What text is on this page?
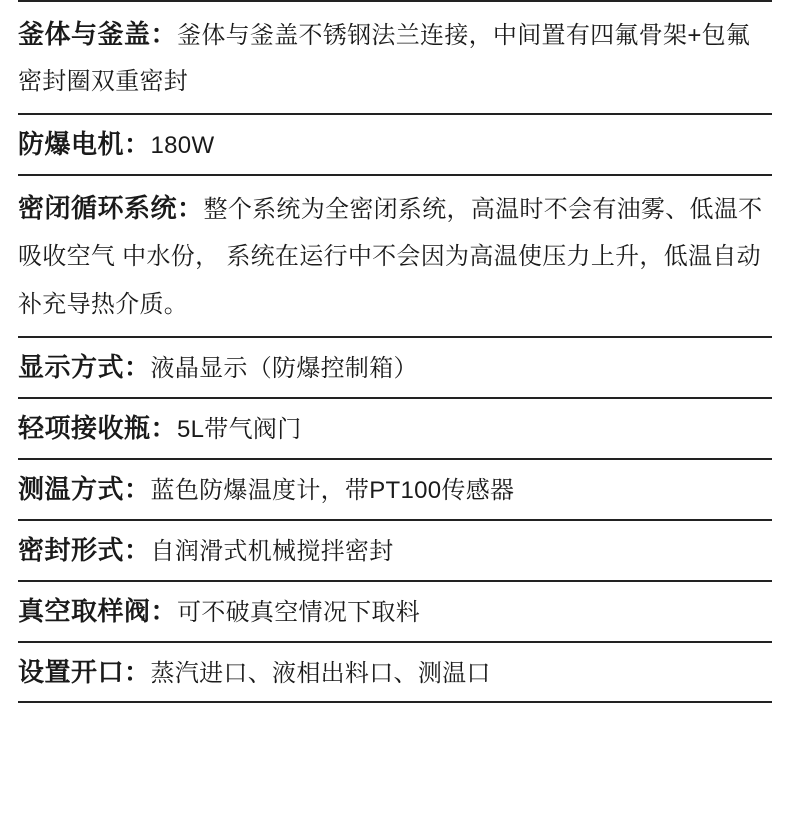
釜体与釜盖：釜体与釜盖不锈钢法兰连接，中间置有四氟骨架+包氟密封圈双重密封
防爆电机：180W
密闭循环系统：整个系统为全密闭系统，高温时不会有油雾、低温不吸收空气 中水份， 系统在运行中不会因为高温使压力上升，低温自动补充导热介质。
显示方式：液晶显示（防爆控制箱）
轻项接收瓶：5L带气阀门
测温方式：蓝色防爆温度计，带PT100传感器
密封形式：自润滑式机械搅拌密封
真空取样阀：可不破真空情况下取料
设置开口：蒸汽进口、液相出料口、测温口
